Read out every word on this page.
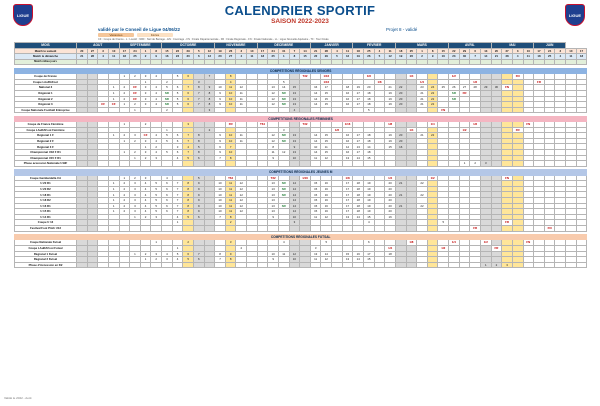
LIGUE	LIGUE
CALENDRIER SPORTIF
SAISON 2022-2023
validé par le Conseil de Ligue 04/06/22	Projet 8 - validé
Vacances	Fériés
CF : Coupe de France - L : LouisF : NRF : Neil de Barrage - EN : Cocorage - FN : Finale Départementale - FR : Finale Régionale - FN : Finale Nationale - LL : Ligue Nouvelle Aquitaine - TF : Tour Finale
MOIS	AOUT				SEPTEMBRE				OCTOBRE					NOVEMBRE				DECEMBRE					JANVIER				FEVRIER				MARS					AVRIL				MAI				JUIN				
Match le samedi	20	27	3	10	17	24	1	8	15	22	29	5	12	19	26	3	10	17	24	31	7	14	21	28	4	11	18	25	4	11	18	25	1	8	15	22	29	6	13	20	27	3	10	17	24	3	10	17
Match le dimanche	21	28	4	11	18	25	2	9	16	23	30	6	13	20	27	4	11	18	25	1	8	15	22	29	5	12	19	26	5	12	19	26	2	9	16	23	30	7	14	21	28	4	11	18	25	4	11	18
Match milieu jours																																																

COMPETITIONS RÉGIONALES SENIORS																																																
Coupe de France					1	2	3	4		5	6		7		8							T32		1/16				1/8				1/4				1/2						FN						
Coupe LAuRAFoot							1		2			3			4					5				1/16					1/8				1/4					1/2						FR				
National 3				1	2	CF	3	4	5	6	7	8	9	10	11	12			13	14	15		16	17		18	19	20		21	22		23	24	25	26	27	28	29	30	FN							
Régional 1				1	2	CF	3	4	SR	5	6	7	8	9	10	11			12	SR	13		14	15		16	17	18		19	20		21	22		SR	FR											
Régional 2				1	2	CF	3	4	SR	5	6	7	8	9	10	11			12	SR	13		14	15		16	17	18		19	20		21	22		SR												
Régional 3			CF	CF	1	2	3	4	SR	5	6	7	8	9	10	11			12	SR	13		14	15		16	17	18		19	20		21	22														
Coupe Nationale Football Entreprise						1			2				3								4							5							FN													

COMPETITIONS RÉGIONALES FÉMININES																																																
Coupe de France Féminine					1		2				3				FR			T64				T32				1/16				1/8				1/4				1/2					FN					
Coupe LAuRAFoot Féminine									1				2							3					1/8							1/4					1/2					FR						
Régional 1 F				1	2	3	CF	4	5	6	7	8		9	10	11			12	SR	13		14	15		16	17	18		19	20		21	22														
Régional 2 F					1	2	3	4	5	6	7	8		9	10	11			12	SR	13		14	15		16	17	18		19	20																	
Régional 3 F							1	2		3	4	5		6	7				8		9		10	11		12	13	14		15	16																	
Championnat U18 F R1					1	2	3	4	5	6	7	8		9	10				11	12	13		14	15		16	17	18																				
Championnat U15 F R1						1	2	3		4	5	6		7	8				9		10		11	12		13	14	15																				
Phase accession Nationale U19F																																					1	2	3									

COMPETITIONS RÉGIONALES JEUNES M																																																
Coupe Gambardella CA					1	2	3		4			5			T64				T32			1/16				1/8				1/4				1/2							FN							
U 20 R1				1	2	3	4	5	6	7	8	9		10	11	12			13	SR	14		15	16		17	18	19		20	21		22															
U 20 R2				1	2	3	4	5	6	7	8	9		10	11	12			13	SR	14		15	16		17	18	19		20																		
U 18 R1				1	2	3	4	5	6	7	8	9		10	11	12			13	SR	14		15	16		17	18	19		20	21		22															
U 18 R2				1	2	3	4	5	6	7	8	9		10	11	12			13		14		15	16		17	18	19		20																		
U 16 R1				1	2	3	4	5	6	7	8	9		10	11	12			13	SR	14		15	16		17	18	19		20	21		22															
U 15 R1				1	2	3	4	5	6	7	8	9		10	11	12			13		14		15	16		17	18	19		20																		
U 14 R1						1	2	3		4	5	6		7	8				9		10		11	12		13	14	15		16																		
Coupe U 13										1					2						3							4							5						FR							
Festival Foot Pitch U13																																						FR							FN			

COMPETITIONS RÉGIONALES FUTSAL																																																
Coupe Nationale Futsal								1			2				3					4				5				6				1/8				1/4			1/2				FN					
Coupe LAuRAFoot Futsal										1						2							3							1/4					1/2					FR								
Régional 1 Futsal						1	2	3	4	5	6	7		8	9				10	11	12		13	14		15	16	17		18																		
Régional 2 Futsal							1	2	3	4	5	6		7	8				9		10		11	12		13	14	15																				
Phase d'Accession en D2																																							1	2	3							
Validé le 2022 - Août
